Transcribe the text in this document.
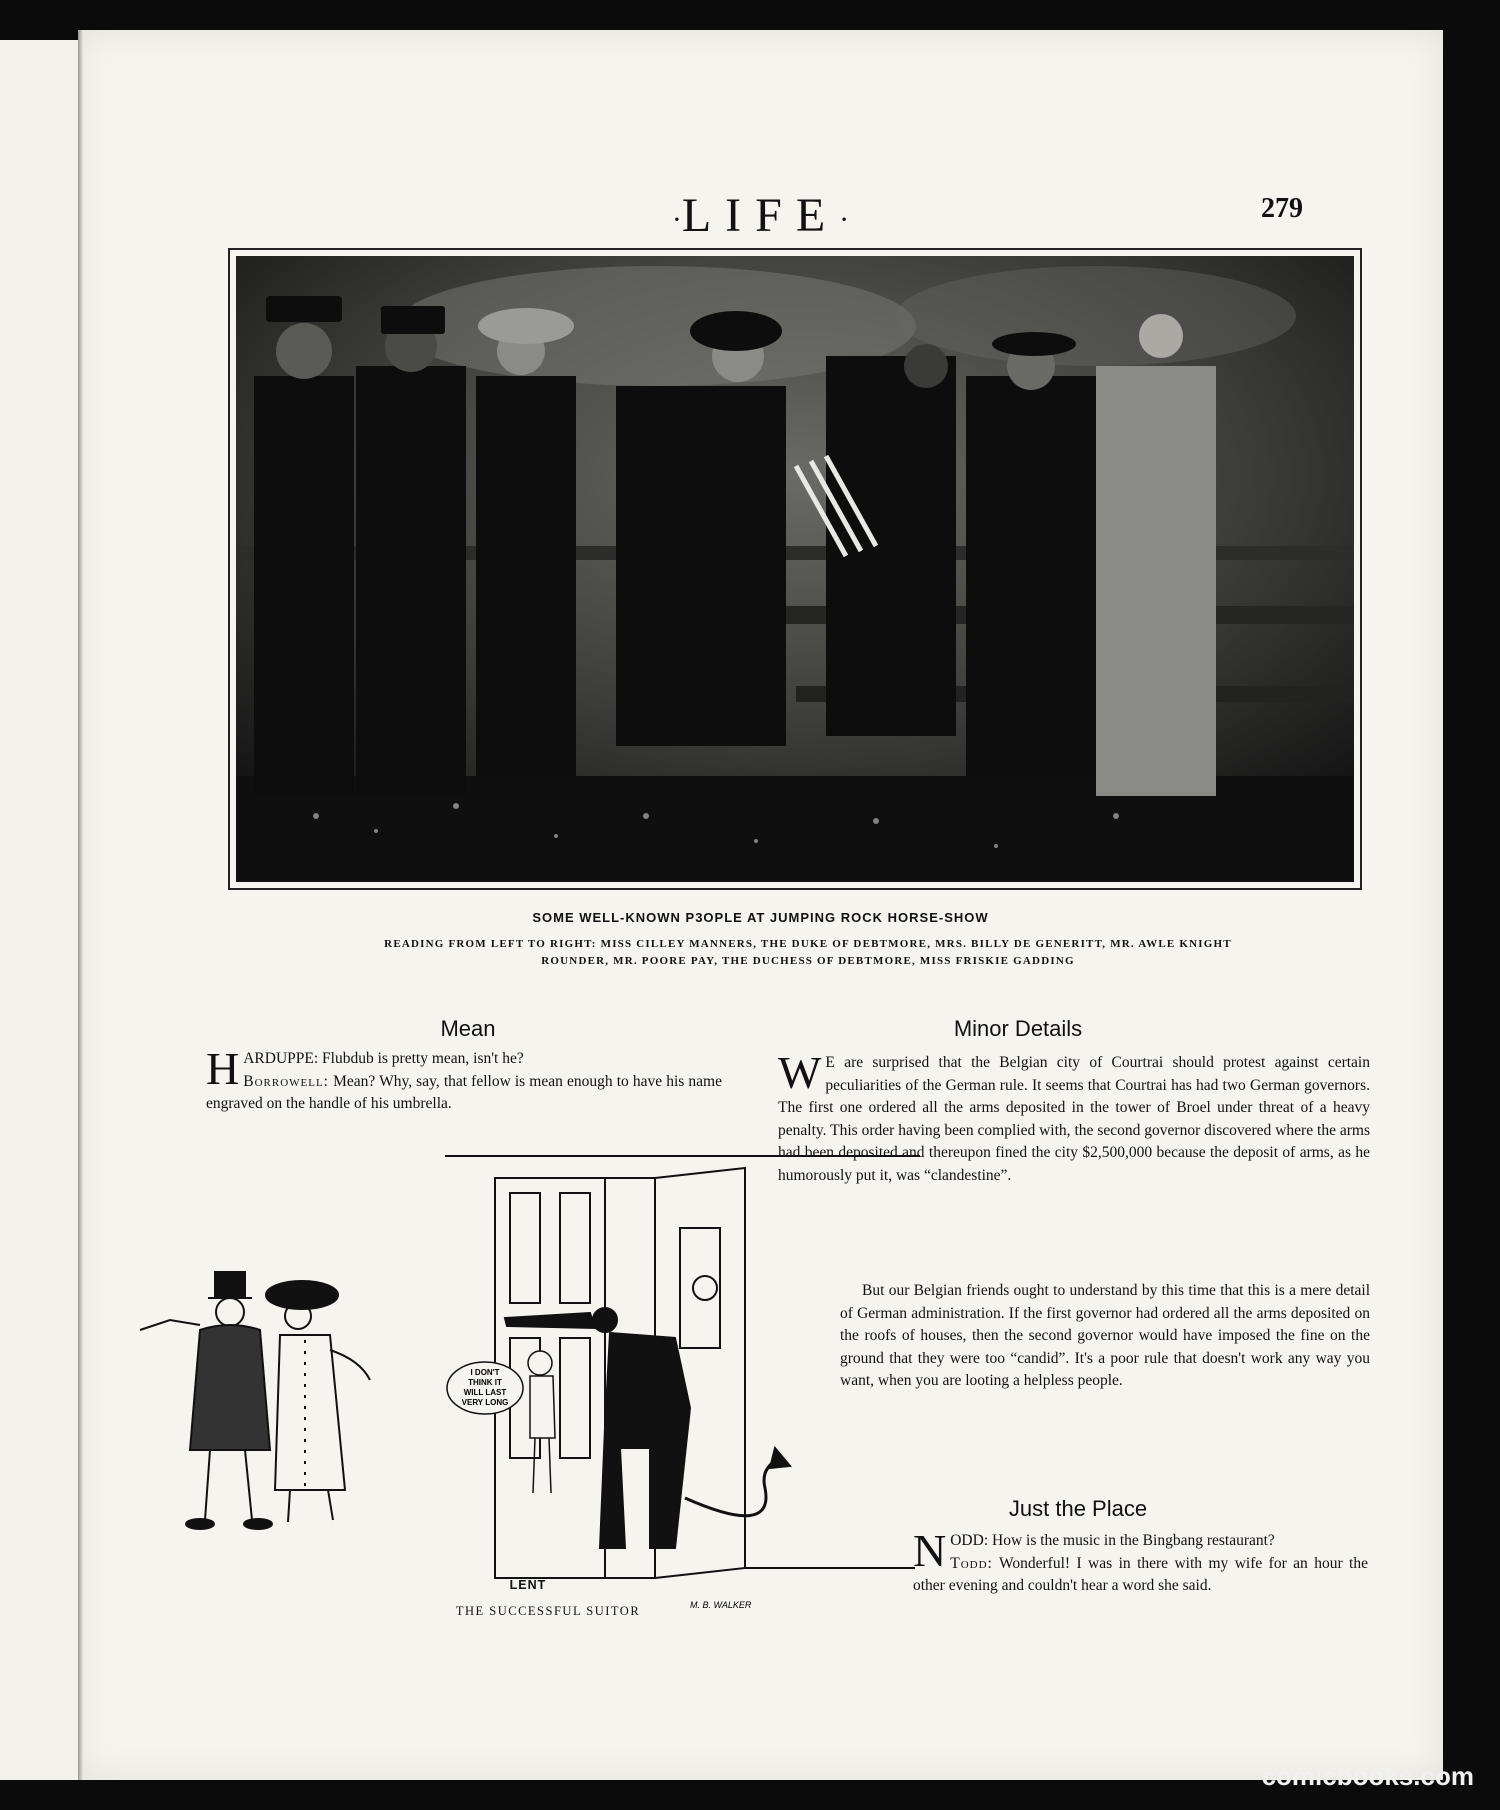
·LIFE·	279
SOME WELL-KNOWN P3OPLE AT JUMPING ROCK HORSE-SHOW
READING FROM LEFT TO RIGHT: MISS CILLEY MANNERS, THE DUKE OF DEBTMORE, MRS. BILLY DE GENERITT, MR. AWLE KNIGHT ROUNDER, MR. POORE PAY, THE DUCHESS OF DEBTMORE, MISS FRISKIE GADDING
Mean
H ARDUPPE: Flubdub is pretty mean, isn't he?
Borrowell: Mean? Why, say, that fellow is mean enough to have his name engraved on the handle of his umbrella.
Minor Details
W E are surprised that the Belgian city of Courtrai should protest against certain peculiarities of the German rule. It seems that Courtrai has had two German governors. The first one ordered all the arms deposited in the tower of Broel under threat of a heavy penalty. This order having been complied with, the second governor discovered where the arms had been deposited and thereupon fined the city $2,500,000 because the deposit of arms, as he humorously put it, was “clandestine”.
But our Belgian friends ought to understand by this time that this is a mere detail of German administration. If the first governor had ordered all the arms deposited on the roofs of houses, then the second governor would have imposed the fine on the ground that they were too “candid”. It's a poor rule that doesn't work any way you want, when you are looting a helpless people.
Just the Place
N ODD: How is the music in the Bingbang restaurant?
Todd: Wonderful! I was in there with my wife for an hour the other evening and couldn't hear a word she said.
I DON'T
THINK IT
WILL LAST
VERY LONG
M. B. WALKER
LENT
THE SUCCESSFUL SUITOR
comicbooks.com
